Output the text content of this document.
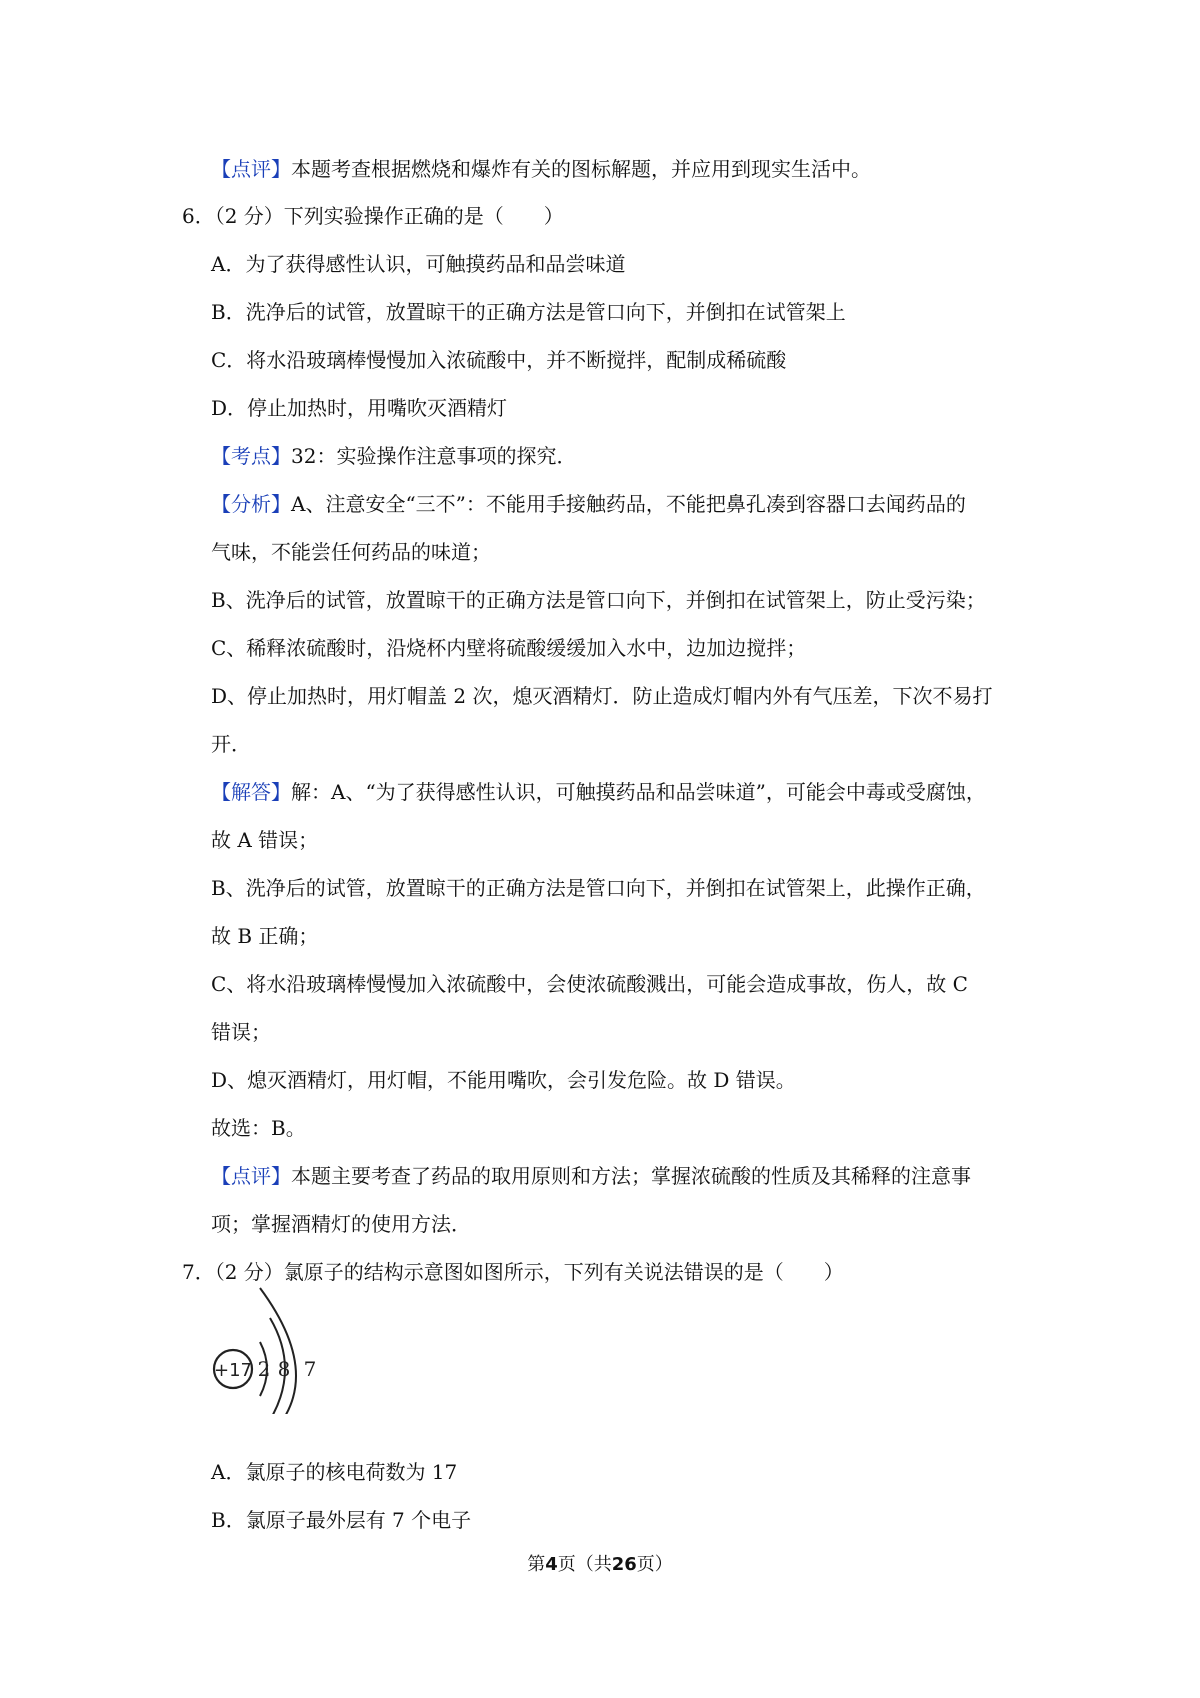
【点评】本题考查根据燃烧和爆炸有关的图标解题，并应用到现实生活中。
6．（2 分）下列实验操作正确的是（　　）
A．为了获得感性认识，可触摸药品和品尝味道
B．洗净后的试管，放置晾干的正确方法是管口向下，并倒扣在试管架上
C．将水沿玻璃棒慢慢加入浓硫酸中，并不断搅拌，配制成稀硫酸
D．停止加热时，用嘴吹灭酒精灯
【考点】32：实验操作注意事项的探究．
【分析】A、注意安全“三不”：不能用手接触药品，不能把鼻孔凑到容器口去闻药品的
气味，不能尝任何药品的味道；
B、洗净后的试管，放置晾干的正确方法是管口向下，并倒扣在试管架上，防止受污染；
C、稀释浓硫酸时，沿烧杯内壁将硫酸缓缓加入水中，边加边搅拌；
D、停止加热时，用灯帽盖 2 次，熄灭酒精灯．防止造成灯帽内外有气压差，下次不易打
开．
【解答】解：A、“为了获得感性认识，可触摸药品和品尝味道”，可能会中毒或受腐蚀，
故 A 错误；
B、洗净后的试管，放置晾干的正确方法是管口向下，并倒扣在试管架上，此操作正确，
故 B 正确；
C、将水沿玻璃棒慢慢加入浓硫酸中，会使浓硫酸溅出，可能会造成事故，伤人，故 C
错误；
D、熄灭酒精灯，用灯帽，不能用嘴吹，会引发危险。故 D 错误。
故选：B。
【点评】本题主要考查了药品的取用原则和方法；掌握浓硫酸的性质及其稀释的注意事
项；掌握酒精灯的使用方法．
7．（2 分）氯原子的结构示意图如图所示，下列有关说法错误的是（　　）
+17 2 8 7
A．氯原子的核电荷数为 17
B．氯原子最外层有 7 个电子
第4页（共26页）
